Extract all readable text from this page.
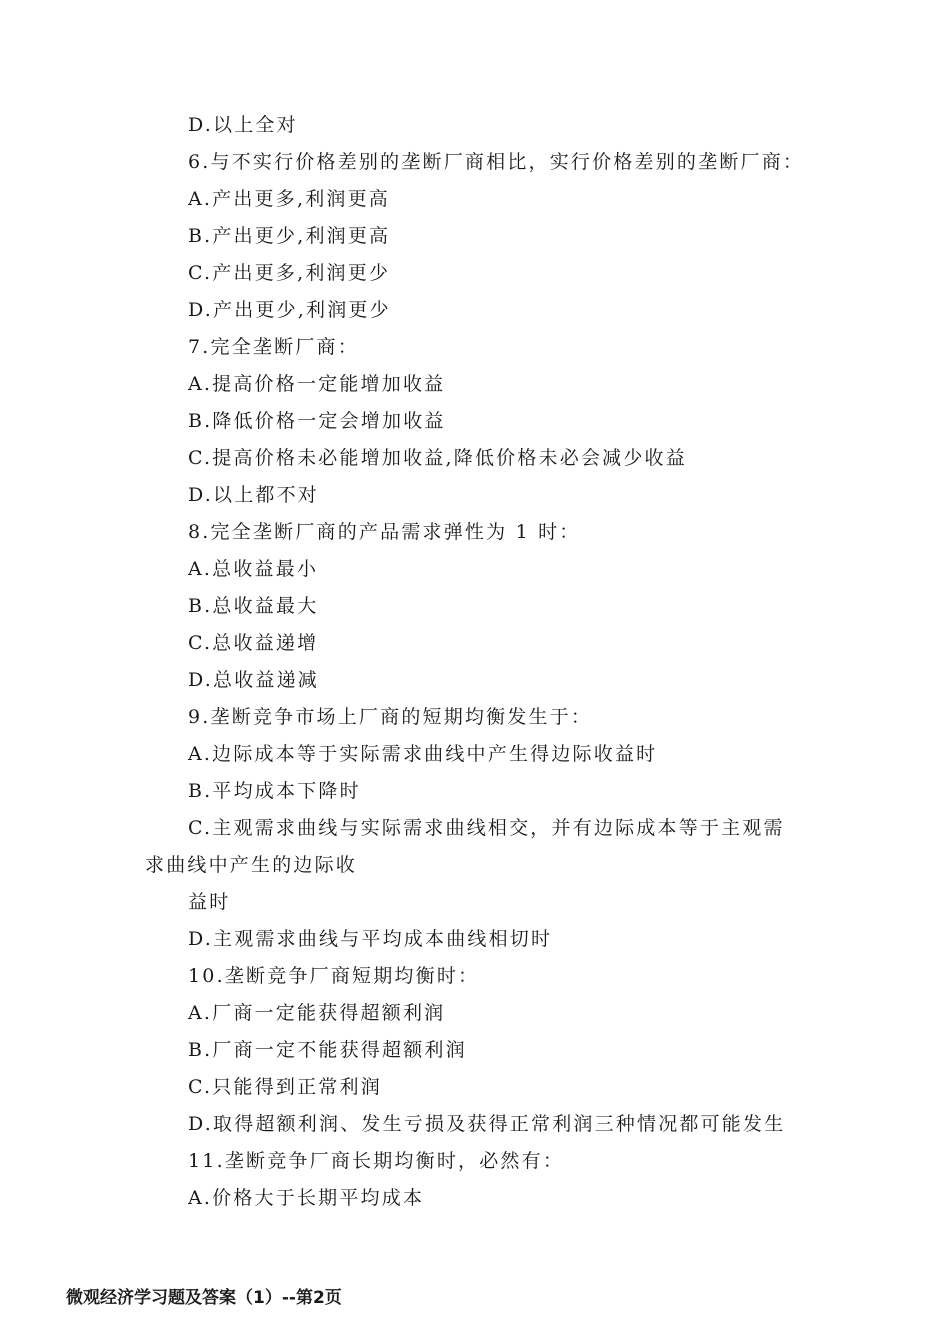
D.以上全对
6.与不实行价格差别的垄断厂商相比，实行价格差别的垄断厂商：
A.产出更多,利润更高
B.产出更少,利润更高
C.产出更多,利润更少
D.产出更少,利润更少
7.完全垄断厂商：
A.提高价格一定能增加收益
B.降低价格一定会增加收益
C.提高价格未必能增加收益,降低价格未必会减少收益
D.以上都不对
8.完全垄断厂商的产品需求弹性为 1 时：
A.总收益最小
B.总收益最大
C.总收益递增
D.总收益递减
9.垄断竞争市场上厂商的短期均衡发生于：
A.边际成本等于实际需求曲线中产生得边际收益时
B.平均成本下降时
C.主观需求曲线与实际需求曲线相交，并有边际成本等于主观需
求曲线中产生的边际收
益时
D.主观需求曲线与平均成本曲线相切时
10.垄断竞争厂商短期均衡时：
A.厂商一定能获得超额利润
B.厂商一定不能获得超额利润
C.只能得到正常利润
D.取得超额利润、发生亏损及获得正常利润三种情况都可能发生
11.垄断竞争厂商长期均衡时，必然有：
A.价格大于长期平均成本
微观经济学习题及答案（1）--第2页
